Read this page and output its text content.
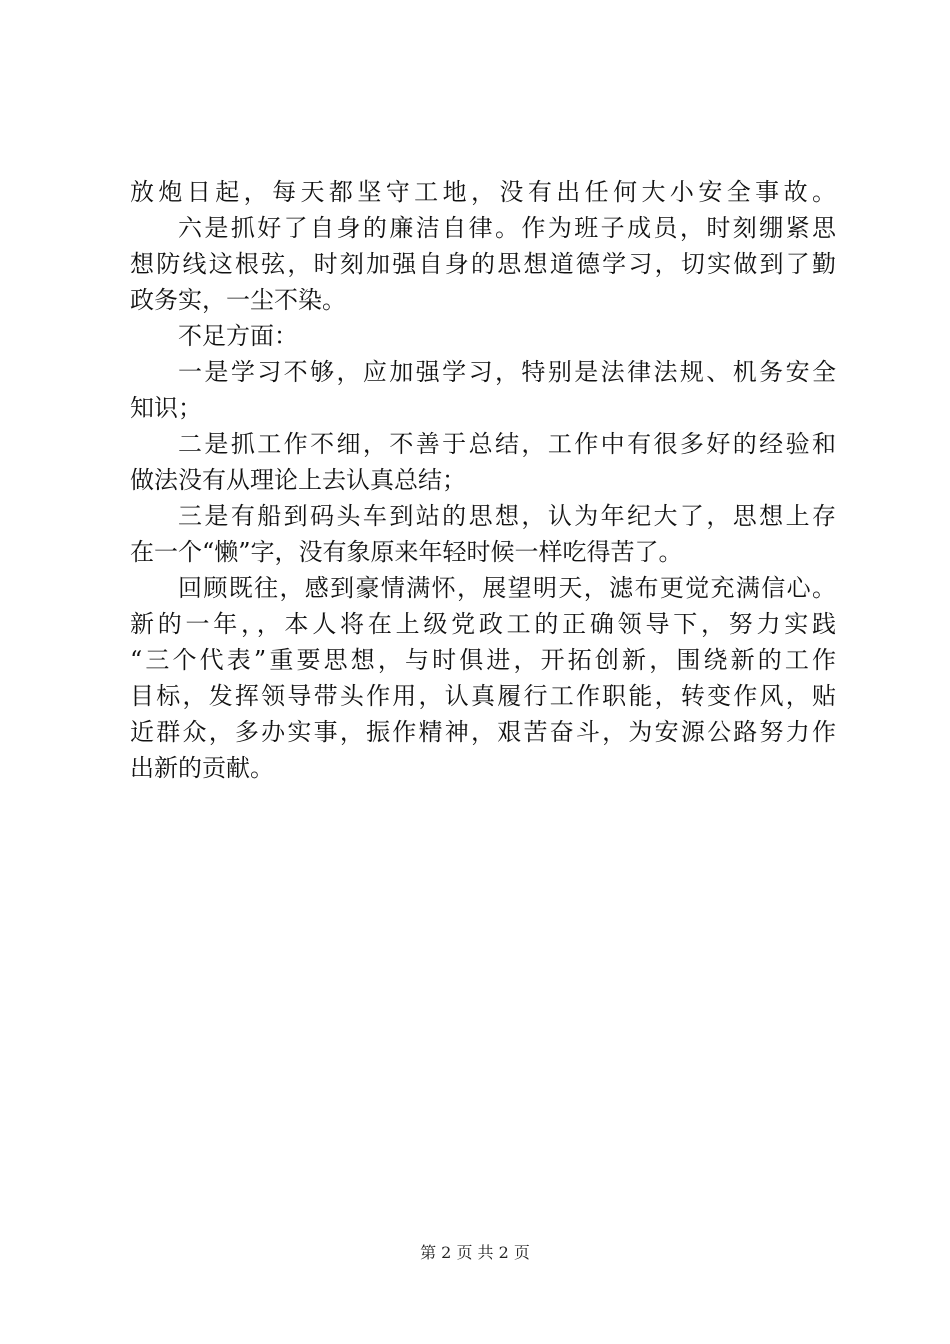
放炮日起，每天都坚守工地，没有出任何大小安全事故。
六是抓好了自身的廉洁自律。作为班子成员，时刻绷紧思
想防线这根弦，时刻加强自身的思想道德学习，切实做到了勤
政务实，一尘不染。
不足方面：
一是学习不够，应加强学习，特别是法律法规、机务安全
知识；
二是抓工作不细，不善于总结，工作中有很多好的经验和
做法没有从理论上去认真总结；
三是有船到码头车到站的思想，认为年纪大了，思想上存
在一个“懒”字，没有象原来年轻时候一样吃得苦了。
回顾既往，感到豪情满怀，展望明天，滤布更觉充满信心。
新的一年，，本人将在上级党政工的正确领导下，努力实践
“三个代表”重要思想，与时俱进，开拓创新，围绕新的工作
目标，发挥领导带头作用，认真履行工作职能，转变作风，贴
近群众，多办实事，振作精神，艰苦奋斗，为安源公路努力作
出新的贡献。
第 2 页 共 2 页
